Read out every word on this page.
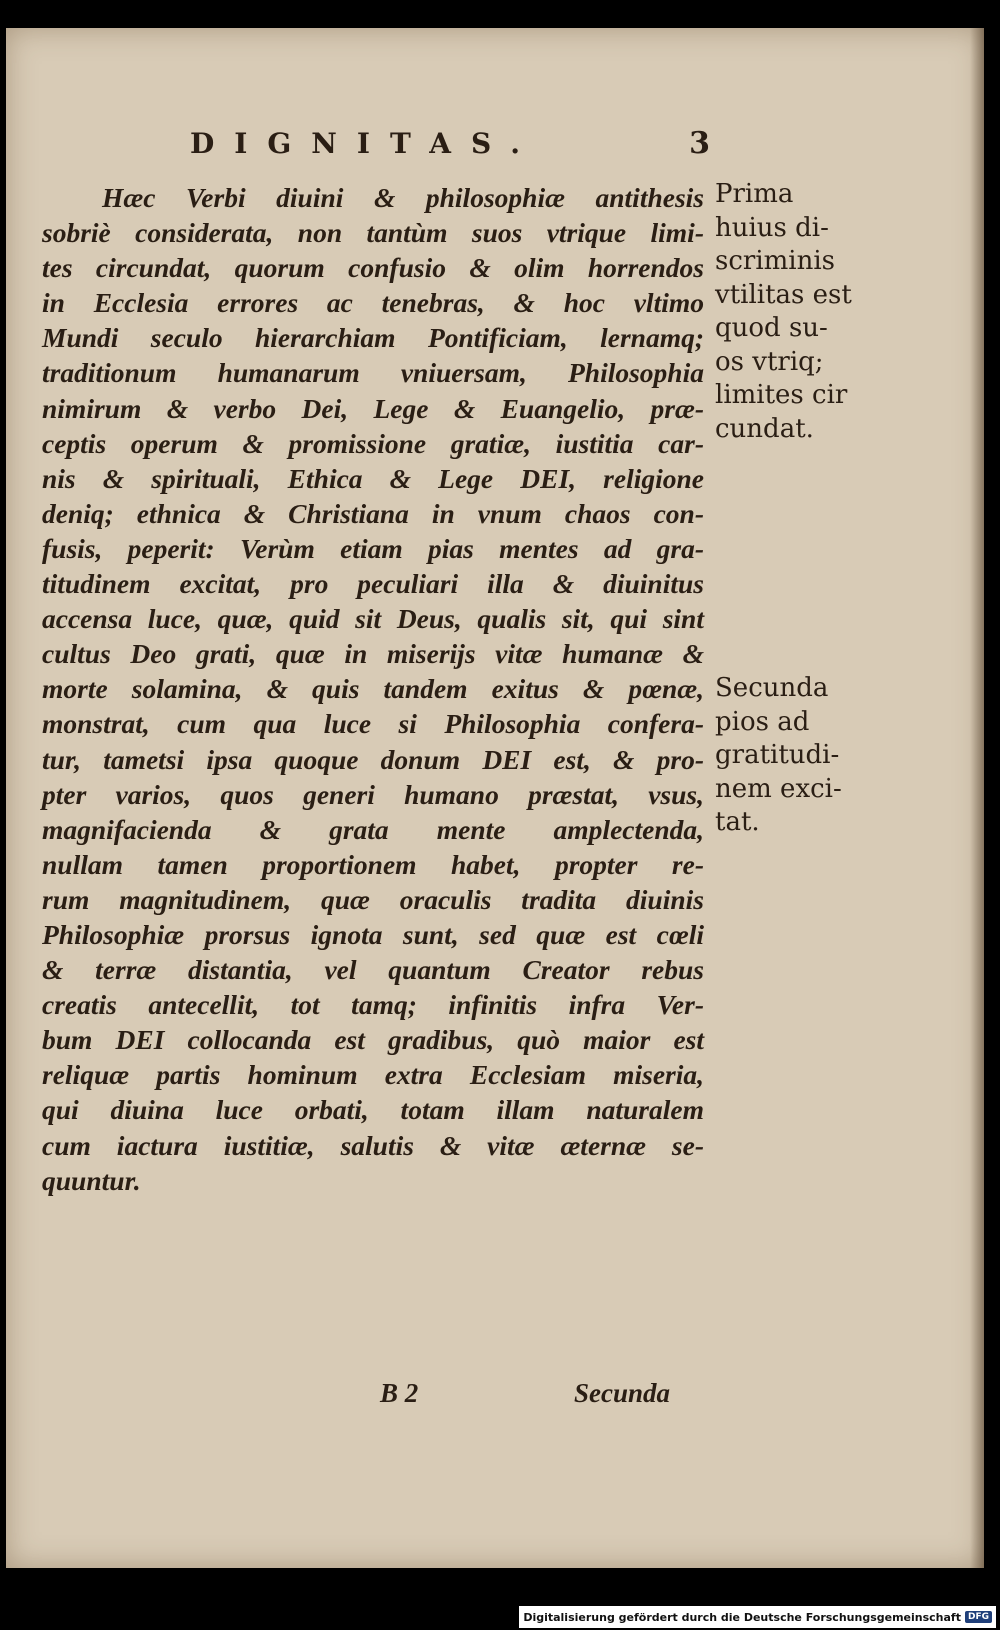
DIGNITAS.	3
Hæc Verbi diuini & philosophiæ antithesis
sobriè considerata, non tantùm suos vtrique limi-
tes circundat, quorum confusio & olim horrendos
in Ecclesia errores ac tenebras, & hoc vltimo
Mundi seculo hierarchiam Pontificiam, lernamq;
traditionum humanarum vniuersam, Philosophia
nimirum & verbo Dei, Lege & Euangelio, præ-
ceptis operum & promissione gratiæ, iustitia car-
nis & spirituali, Ethica & Lege DEI, religione
deniq; ethnica & Christiana in vnum chaos con-
fusis, peperit: Verùm etiam pias mentes ad gra-
titudinem excitat, pro peculiari illa & diuinitus
accensa luce, quæ, quid sit Deus, qualis sit, qui sint
cultus Deo grati, quæ in miserijs vitæ humanæ &
morte solamina, & quis tandem exitus & pœnæ,
monstrat, cum qua luce si Philosophia confera-
tur, tametsi ipsa quoque donum DEI est, & pro-
pter varios, quos generi humano præstat, vsus,
magnifacienda & grata mente amplectenda,
nullam tamen proportionem habet, propter re-
rum magnitudinem, quæ oraculis tradita diuinis
Philosophiæ prorsus ignota sunt, sed quæ est cœli
& terræ distantia, vel quantum Creator rebus
creatis antecellit, tot tamq; infinitis infra Ver-
bum DEI collocanda est gradibus, quò maior est
reliquæ partis hominum extra Ecclesiam miseria,
qui diuina luce orbati, totam illam naturalem
cum iactura iustitiæ, salutis & vitæ æternæ se-
quuntur.
Prima
huius di-
scriminis
vtilitas est
quod su-
os vtriq;
limites cir
cundat.
Secunda
pios ad
gratitudi-
nem exci-
tat.
B 2	Secunda
Digitalisierung gefördert durch die Deutsche Forschungsgemeinschaft DFG
